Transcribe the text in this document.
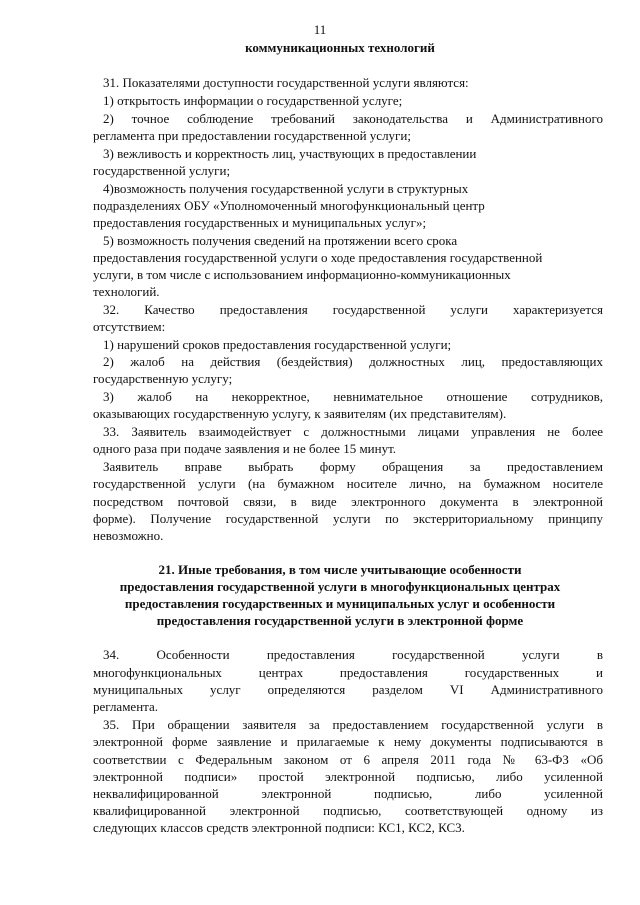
11
коммуникационных технологий
31. Показателями доступности государственной услуги являются:
1) открытость информации о государственной услуге;
2) точное соблюдение требований законодательства и Административного
регламента при предоставлении государственной услуги;
3) вежливость и корректность лиц, участвующих в предоставлении
государственной услуги;
4)возможность получения государственной услуги в структурных
подразделениях ОБУ «Уполномоченный многофункциональный центр
предоставления государственных и муниципальных услуг»;
5) возможность получения сведений на протяжении всего срока
предоставления государственной услуги о ходе предоставления государственной
услуги, в том числе с использованием информационно-коммуникационных
технологий.
32. Качество предоставления государственной услуги характеризуется
отсутствием:
1) нарушений сроков предоставления государственной услуги;
2) жалоб на действия (бездействия) должностных лиц, предоставляющих
государственную услугу;
3) жалоб на некорректное, невнимательное отношение сотрудников,
оказывающих государственную услугу, к заявителям (их представителям).
33. Заявитель взаимодействует с должностными лицами управления не более
одного раза при подаче заявления и не более 15 минут.
Заявитель вправе выбрать форму обращения за предоставлением
государственной услуги (на бумажном носителе лично, на бумажном носителе
посредством почтовой связи, в виде электронного документа в электронной
форме). Получение государственной услуги по экстерриториальному принципу
невозможно.
21. Иные требования, в том числе учитывающие особенности
предоставления государственной услуги в многофункциональных центрах
предоставления государственных и муниципальных услуг и особенности
предоставления государственной услуги в электронной форме
34. Особенности предоставления государственной услуги в
многофункциональных центрах предоставления государственных и
муниципальных услуг определяются разделом VI Административного
регламента.
35. При обращении заявителя за предоставлением государственной услуги в
электронной форме заявление и прилагаемые к нему документы подписываются в
соответствии с Федеральным законом от 6 апреля 2011 года № 63-ФЗ «Об
электронной подписи» простой электронной подписью, либо усиленной
неквалифицированной электронной подписью, либо усиленной
квалифицированной электронной подписью, соответствующей одному из
следующих классов средств электронной подписи: КС1, КС2, КС3.
